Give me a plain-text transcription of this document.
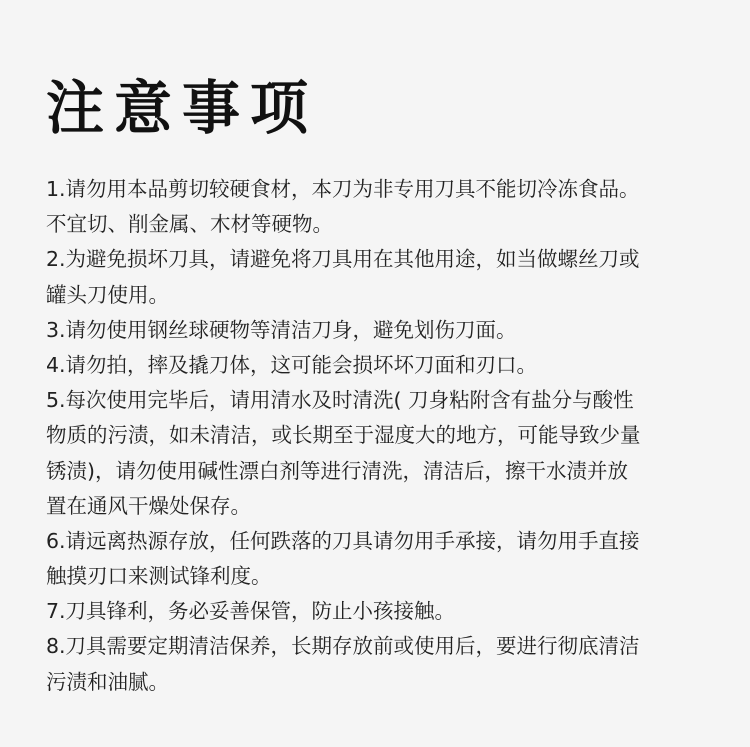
注意事项
1.请勿用本品剪切较硬食材，本刀为非专用刀具不能切冷冻食品。
不宜切、削金属、木材等硬物。
2.为避免损坏刀具，请避免将刀具用在其他用途，如当做螺丝刀或
罐头刀使用。
3.请勿使用钢丝球硬物等清洁刀身，避免划伤刀面。
4.请勿拍，摔及撬刀体，这可能会损坏坏刀面和刃口。
5.每次使用完毕后，请用清水及时清洗( 刀身粘附含有盐分与酸性
物质的污渍，如未清洁，或长期至于湿度大的地方，可能导致少量
锈渍)，请勿使用碱性漂白剂等进行清洗，清洁后，擦干水渍并放
置在通风干燥处保存。
6.请远离热源存放，任何跌落的刀具请勿用手承接，请勿用手直接
触摸刃口来测试锋利度。
7.刀具锋利，务必妥善保管，防止小孩接触。
8.刀具需要定期清洁保养，长期存放前或使用后，要进行彻底清洁
污渍和油腻。
